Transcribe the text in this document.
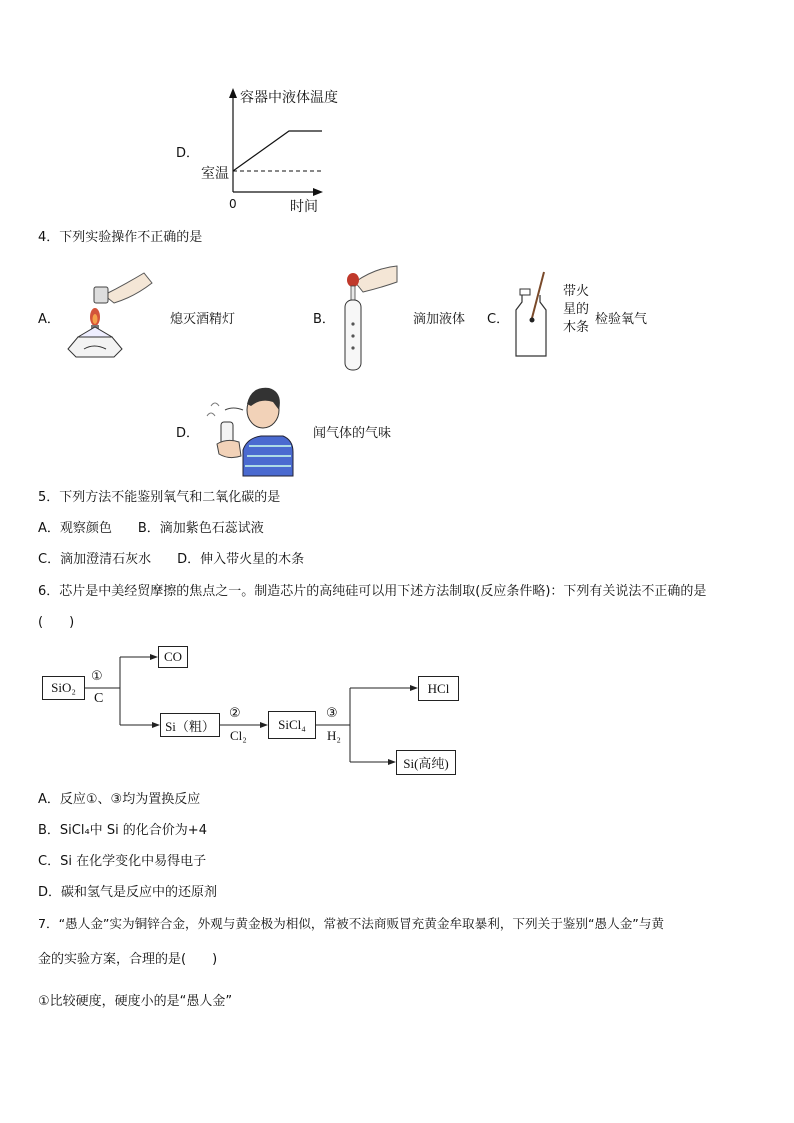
D．
容器中液体温度
室温
0	时间
4．下列实验操作不正确的是
A．	熄灭酒精灯	B．	滴加液体 C．
带火
星的
木条
检验氧气
D．	闻气体的气味
5．下列方法不能鉴别氧气和二氧化碳的是
A．观察颜色　　B．滴加紫色石蕊试液
C．滴加澄清石灰水　　D．伸入带火星的木条
6．芯片是中美经贸摩擦的焦点之一。制造芯片的高纯硅可以用下述方法制取(反应条件略)：下列有关说法不正确的是
(　　)
SiO₂
①
C
CO
Si（粗）
②
Cl₂
SiCl₄
③
H₂
HCl
Si(高纯)
A．反应①、③均为置换反应
B．SiCl₄中 Si 的化合价为+4
C．Si 在化学变化中易得电子
D．碳和氢气是反应中的还原剂
7．“愚人金”实为铜锌合金，外观与黄金极为相似，常被不法商贩冒充黄金牟取暴利，下列关于鉴别“愚人金”与黄
金的实验方案，合理的是(　　)
①比较硬度，硬度小的是“愚人金”
